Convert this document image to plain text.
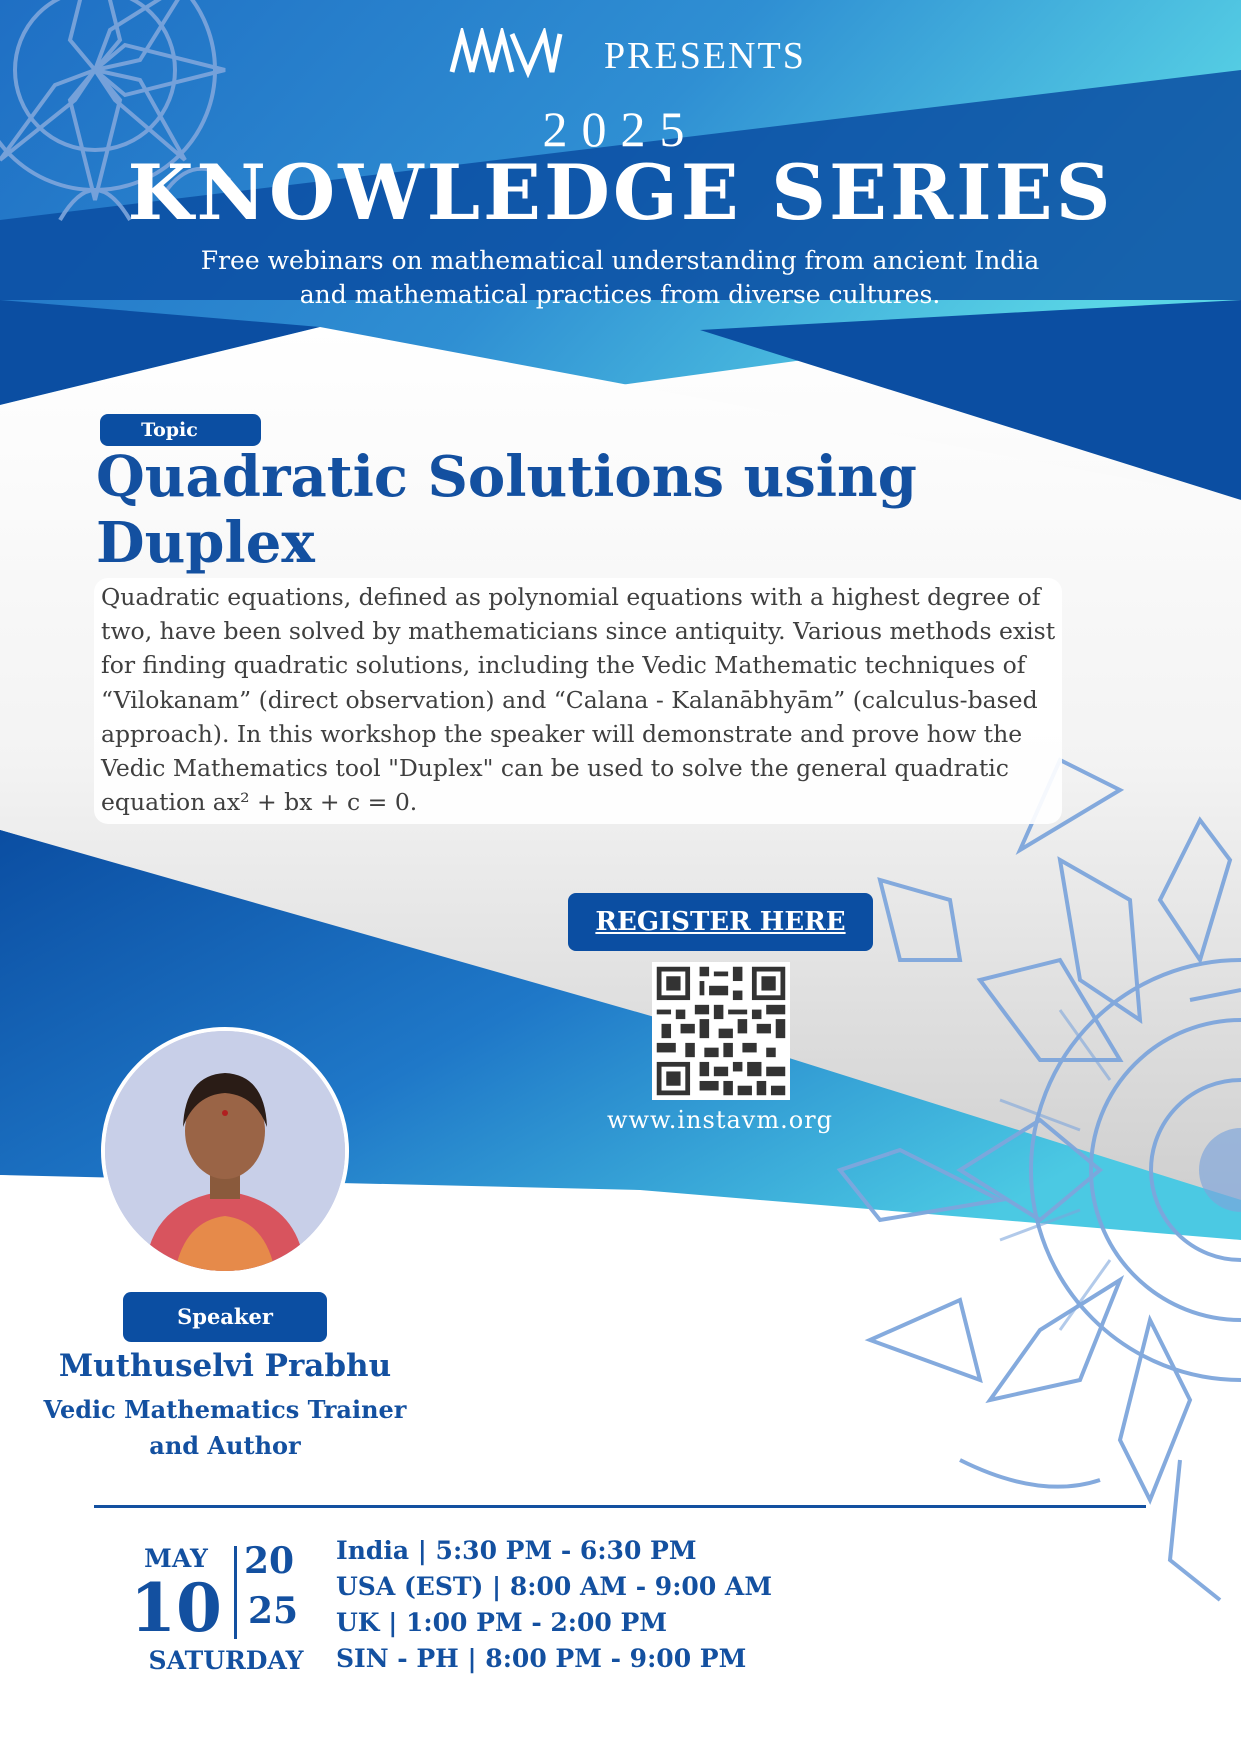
PRESENTS
2025
KNOWLEDGE SERIES
Free webinars on mathematical understanding from ancient India
and mathematical practices from diverse cultures.
Topic
Quadratic Solutions using Duplex
Quadratic equations, defined as polynomial equations with a highest degree of two, have been solved by mathematicians since antiquity. Various methods exist for finding quadratic solutions, including the Vedic Mathematic techniques of “Vilokanam” (direct observation) and “Calana - Kalanābhyām” (calculus-based approach). In this workshop the speaker will demonstrate and prove how the Vedic Mathematics tool "Duplex" can be used to solve the general quadratic equation ax² + bx + c = 0.
REGISTER HERE
www.instavm.org
Speaker
Muthuselvi Prabhu
Vedic Mathematics Trainer and Author
MAY
10
SATURDAY
20
25
India | 5:30 PM - 6:30 PM
USA (EST) | 8:00 AM - 9:00 AM
UK | 1:00 PM - 2:00 PM
SIN - PH | 8:00 PM - 9:00 PM
